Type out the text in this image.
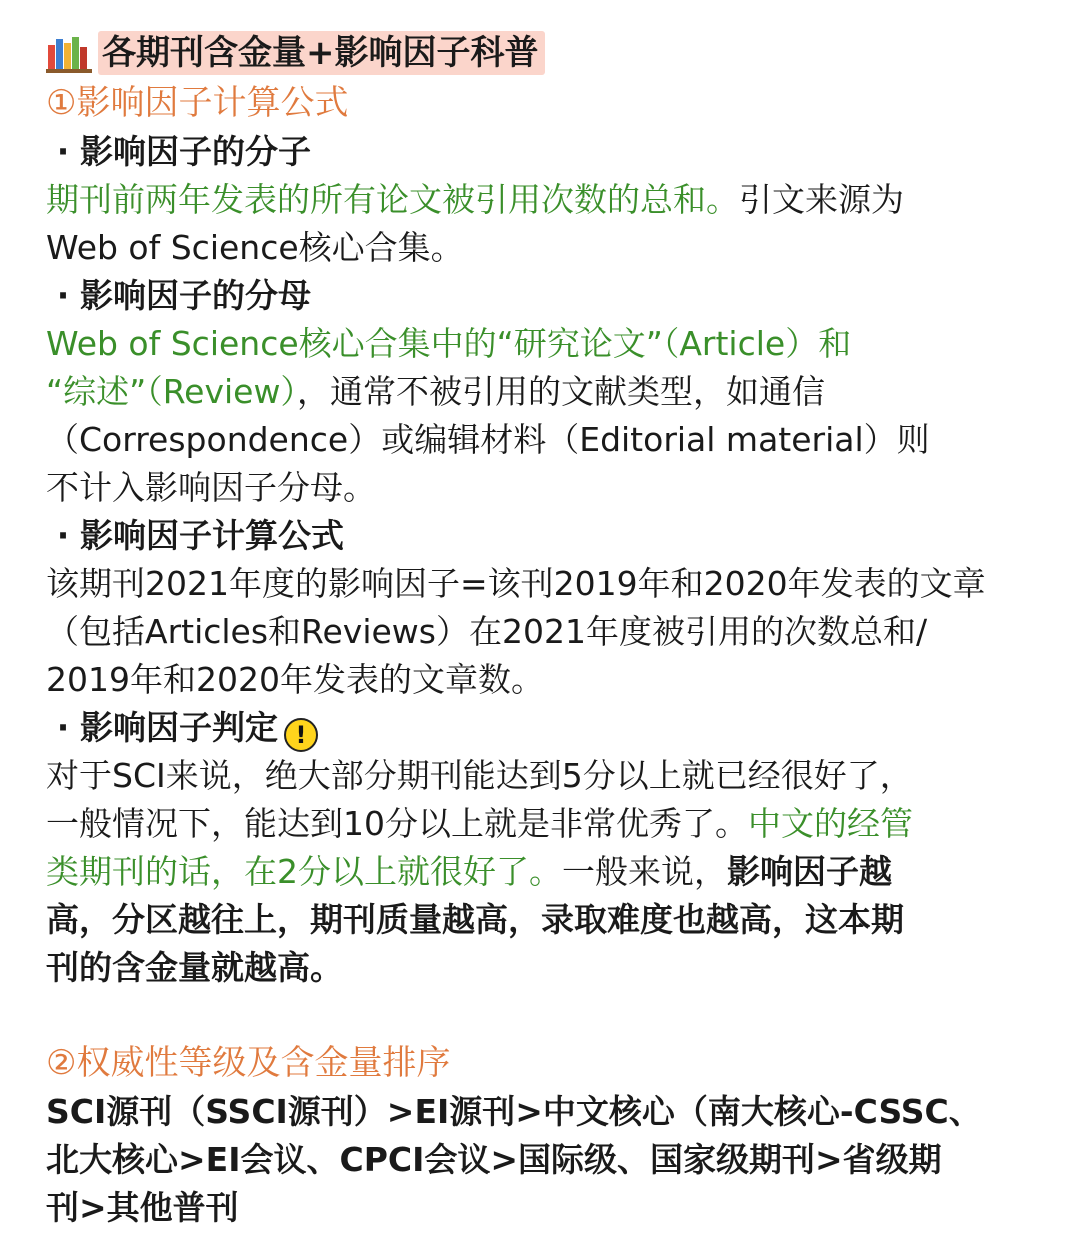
各期刊含金量+影响因子科普
①影响因子计算公式
· 影响因子的分子

期刊前两年发表的所有论文被引用次数的总和。引文来源为

Web of Science核心合集。

· 影响因子的分母

Web of Science核心合集中的“研究论文”（Article）和

“综述”（Review），通常不被引用的文献类型，如通信

（Correspondence）或编辑材料（Editorial material）则

不计入影响因子分母。

· 影响因子计算公式

该期刊2021年度的影响因子=该刊2019年和2020年发表的文章

（包括Articles和Reviews）在2021年度被引用的次数总和/

2019年和2020年发表的文章数。

· 影响因子判定 !

对于SCI来说，绝大部分期刊能达到5分以上就已经很好了，

一般情况下，能达到10分以上就是非常优秀了。中文的经管

类期刊的话，在2分以上就很好了。一般来说，影响因子越

高，分区越往上，期刊质量越高，录取难度也越高，这本期

刊的含金量就越高。

②权威性等级及含金量排序

SCI源刊（SSCI源刊）>EI源刊>中文核心（南大核心-CSSC、

北大核心>EI会议、CPCI会议>国际级、国家级期刊>省级期

刊>其他普刊
